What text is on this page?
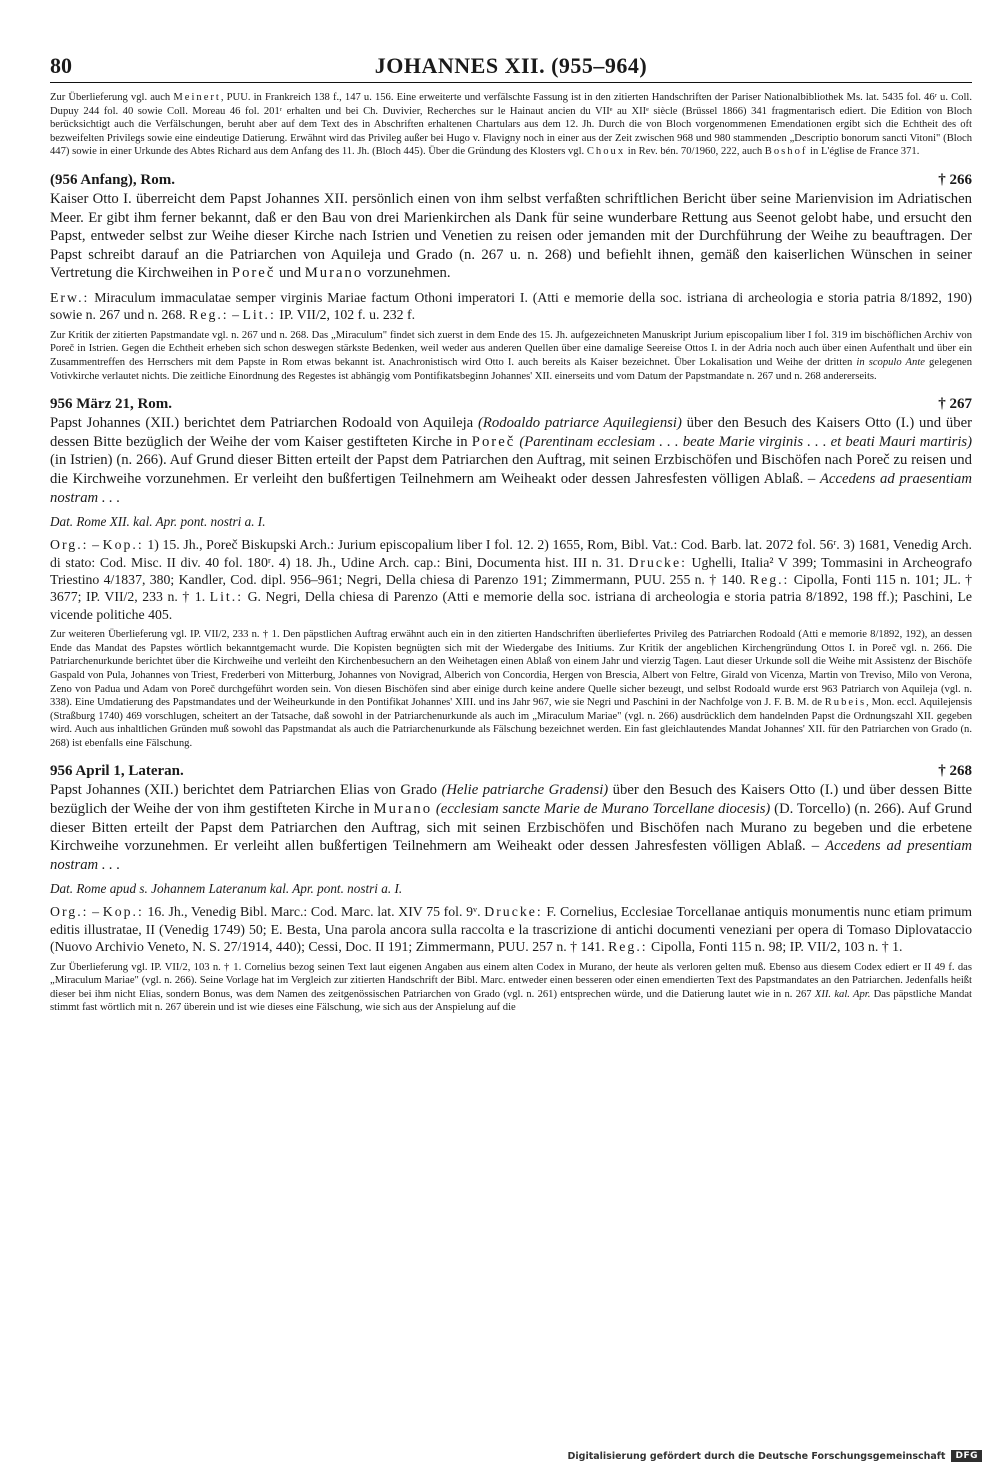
80	JOHANNES XII. (955–964)

Zur Überlieferung vgl. auch Meinert, PUU. in Frankreich 138 f., 147 u. 156. Eine erweiterte und verfälschte Fassung ist in den zitierten Handschriften der Pariser Nationalbibliothek Ms. lat. 5435 fol. 46ʳ u. Coll. Dupuy 244 fol. 40 sowie Coll. Moreau 46 fol. 201ʳ erhalten und bei Ch. Duvivier, Recherches sur le Hainaut ancien du VIIᵉ au XIIᵉ siècle (Brüssel 1866) 341 fragmentarisch ediert. Die Edition von Bloch berücksichtigt auch die Verfälschungen, beruht aber auf dem Text des in Abschriften erhaltenen Chartulars aus dem 12. Jh. Durch die von Bloch vorgenommenen Emendationen ergibt sich die Echtheit des oft bezweifelten Privilegs sowie eine eindeutige Datierung. Erwähnt wird das Privileg außer bei Hugo v. Flavigny noch in einer aus der Zeit zwischen 968 und 980 stammenden „Descriptio bonorum sancti Vitoni" (Bloch 447) sowie in einer Urkunde des Abtes Richard aus dem Anfang des 11. Jh. (Bloch 445). Über die Gründung des Klosters vgl. Choux in Rev. bén. 70/1960, 222, auch Boshof in L'église de France 371.

(956 Anfang), Rom.	† 266

Kaiser Otto I. überreicht dem Papst Johannes XII. persönlich einen von ihm selbst verfaßten schriftlichen Bericht über seine Marienvision im Adriatischen Meer. Er gibt ihm ferner bekannt, daß er den Bau von drei Marienkirchen als Dank für seine wunderbare Rettung aus Seenot gelobt habe, und ersucht den Papst, entweder selbst zur Weihe dieser Kirche nach Istrien und Venetien zu reisen oder jemanden mit der Durchführung der Weihe zu beauftragen. Der Papst schreibt darauf an die Patriarchen von Aquileja und Grado (n. 267 u. n. 268) und befiehlt ihnen, gemäß den kaiserlichen Wünschen in seiner Vertretung die Kirchweihen in Poreč und Murano vorzunehmen.

Erw.: Miraculum immaculatae semper virginis Mariae factum Othoni imperatori I. (Atti e memorie della soc. istriana di archeologia e storia patria 8/1892, 190) sowie n. 267 und n. 268. Reg.: – Lit.: IP. VII/2, 102 f. u. 232 f.

Zur Kritik der zitierten Papstmandate vgl. n. 267 und n. 268. Das „Miraculum" findet sich zuerst in dem Ende des 15. Jh. aufgezeichneten Manuskript Jurium episcopalium liber I fol. 319 im bischöflichen Archiv von Poreč in Istrien. Gegen die Echtheit erheben sich schon deswegen stärkste Bedenken, weil weder aus anderen Quellen über eine damalige Seereise Ottos I. in der Adria noch auch über einen Aufenthalt und über ein Zusammentreffen des Herrschers mit dem Papste in Rom etwas bekannt ist. Anachronistisch wird Otto I. auch bereits als Kaiser bezeichnet. Über Lokalisation und Weihe der dritten in scopulo Ante gelegenen Votivkirche verlautet nichts. Die zeitliche Einordnung des Regestes ist abhängig vom Pontifikatsbeginn Johannes' XII. einerseits und vom Datum der Papstmandate n. 267 und n. 268 andererseits.

956 März 21, Rom.	† 267

Papst Johannes (XII.) berichtet dem Patriarchen Rodoald von Aquileja (Rodoaldo patriarce Aquilegiensi) über den Besuch des Kaisers Otto (I.) und über dessen Bitte bezüglich der Weihe der vom Kaiser gestifteten Kirche in Poreč (Parentinam ecclesiam . . . beate Marie virginis . . . et beati Mauri martiris) (in Istrien) (n. 266). Auf Grund dieser Bitten erteilt der Papst dem Patriarchen den Auftrag, mit seinen Erzbischöfen und Bischöfen nach Poreč zu reisen und die Kirchweihe vorzunehmen. Er verleiht den bußfertigen Teilnehmern am Weiheakt oder dessen Jahresfesten völligen Ablaß. – Accedens ad praesentiam nostram . . .

Dat. Rome XII. kal. Apr. pont. nostri a. I.

Org.: – Kop.: 1) 15. Jh., Poreč Biskupski Arch.: Jurium episcopalium liber I fol. 12. 2) 1655, Rom, Bibl. Vat.: Cod. Barb. lat. 2072 fol. 56ʳ. 3) 1681, Venedig Arch. di stato: Cod. Misc. II div. 40 fol. 180ʳ. 4) 18. Jh., Udine Arch. cap.: Bini, Documenta hist. III n. 31. Drucke: Ughelli, Italia² V 399; Tommasini in Archeografo Triestino 4/1837, 380; Kandler, Cod. dipl. 956–961; Negri, Della chiesa di Parenzo 191; Zimmermann, PUU. 255 n. † 140. Reg.: Cipolla, Fonti 115 n. 101; JL. † 3677; IP. VII/2, 233 n. † 1. Lit.: G. Negri, Della chiesa di Parenzo (Atti e memorie della soc. istriana di archeologia e storia patria 8/1892, 198 ff.); Paschini, Le vicende politiche 405.

Zur weiteren Überlieferung vgl. IP. VII/2, 233 n. † 1. Den päpstlichen Auftrag erwähnt auch ein in den zitierten Handschriften überliefertes Privileg des Patriarchen Rodoald (Atti e memorie 8/1892, 192), an dessen Ende das Mandat des Papstes wörtlich bekanntgemacht wurde. Die Kopisten begnügten sich mit der Wiedergabe des Initiums. Zur Kritik der angeblichen Kirchengründung Ottos I. in Poreč vgl. n. 266. Die Patriarchenurkunde berichtet über die Kirchweihe und verleiht den Kirchenbesuchern an den Weihetagen einen Ablaß von einem Jahr und vierzig Tagen. Laut dieser Urkunde soll die Weihe mit Assistenz der Bischöfe Gaspald von Pula, Johannes von Triest, Frederberi von Mitterburg, Johannes von Novigrad, Alberich von Concordia, Hergen von Brescia, Albert von Feltre, Girald von Vicenza, Martin von Treviso, Milo von Verona, Zeno von Padua und Adam von Poreč durchgeführt worden sein. Von diesen Bischöfen sind aber einige durch keine andere Quelle sicher bezeugt, und selbst Rodoald wurde erst 963 Patriarch von Aquileja (vgl. n. 338). Eine Umdatierung des Papstmandates und der Weiheurkunde in den Pontifikat Johannes' XIII. und ins Jahr 967, wie sie Negri und Paschini in der Nachfolge von J. F. B. M. de Rubeis, Mon. eccl. Aquilejensis (Straßburg 1740) 469 vorschlugen, scheitert an der Tatsache, daß sowohl in der Patriarchenurkunde als auch im „Miraculum Mariae" (vgl. n. 266) ausdrücklich dem handelnden Papst die Ordnungszahl XII. gegeben wird. Auch aus inhaltlichen Gründen muß sowohl das Papstmandat als auch die Patriarchenurkunde als Fälschung bezeichnet werden. Ein fast gleichlautendes Mandat Johannes' XII. für den Patriarchen von Grado (n. 268) ist ebenfalls eine Fälschung.

956 April 1, Lateran.	† 268

Papst Johannes (XII.) berichtet dem Patriarchen Elias von Grado (Helie patriarche Gradensi) über den Besuch des Kaisers Otto (I.) und über dessen Bitte bezüglich der Weihe der von ihm gestifteten Kirche in Murano (ecclesiam sancte Marie de Murano Torcellane diocesis) (D. Torcello) (n. 266). Auf Grund dieser Bitten erteilt der Papst dem Patriarchen den Auftrag, sich mit seinen Erzbischöfen und Bischöfen nach Murano zu begeben und die erbetene Kirchweihe vorzunehmen. Er verleiht allen bußfertigen Teilnehmern am Weiheakt oder dessen Jahresfesten völligen Ablaß. – Accedens ad presentiam nostram . . .

Dat. Rome apud s. Johannem Lateranum kal. Apr. pont. nostri a. I.

Org.: – Kop.: 16. Jh., Venedig Bibl. Marc.: Cod. Marc. lat. XIV 75 fol. 9ᵛ. Drucke: F. Cornelius, Ecclesiae Torcellanae antiquis monumentis nunc etiam primum editis illustratae, II (Venedig 1749) 50; E. Besta, Una parola ancora sulla raccolta e la trascrizione di antichi documenti veneziani per opera di Tomaso Diplovataccio (Nuovo Archivio Veneto, N. S. 27/1914, 440); Cessi, Doc. II 191; Zimmermann, PUU. 257 n. † 141. Reg.: Cipolla, Fonti 115 n. 98; IP. VII/2, 103 n. † 1.

Zur Überlieferung vgl. IP. VII/2, 103 n. † 1. Cornelius bezog seinen Text laut eigenen Angaben aus einem alten Codex in Murano, der heute als verloren gelten muß. Ebenso aus diesem Codex ediert er II 49 f. das „Miraculum Mariae" (vgl. n. 266). Seine Vorlage hat im Vergleich zur zitierten Handschrift der Bibl. Marc. entweder einen besseren oder einen emendierten Text des Papstmandates an den Patriarchen. Jedenfalls heißt dieser bei ihm nicht Elias, sondern Bonus, was dem Namen des zeitgenössischen Patriarchen von Grado (vgl. n. 261) entsprechen würde, und die Datierung lautet wie in n. 267 XII. kal. Apr. Das päpstliche Mandat stimmt fast wörtlich mit n. 267 überein und ist wie dieses eine Fälschung, wie sich aus der Anspielung auf die

Digitalisierung gefördert durch die Deutsche Forschungsgemeinschaft	DFG
